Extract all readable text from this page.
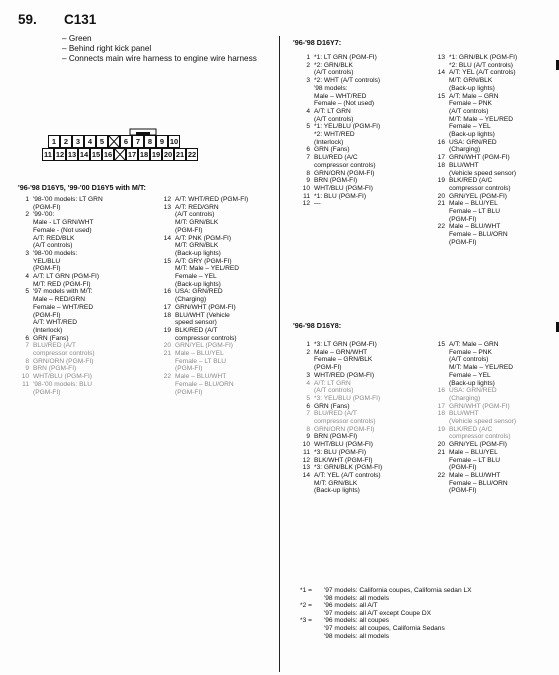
59. C131
– Green
– Behind right kick panel
– Connects main wire harness to engine wire harness
1	2	3	4	5	6	7	8	9 10
11 12 13 14 15 16 17 18 19 20 21 22
'96-'98 D16Y5, '99-'00 D16Y5 with M/T:
1 '98-'00 models: LT GRN
(PGM-FI)
2 '99-'00:
Male - LT GRN/WHT
Female - (Not used)
A/T: RED/BLK
(A/T controls)
3 '98-'00 models:
YEL/BLU
(PGM-FI)
4 A/T: LT GRN (PGM-FI)
M/T: RED (PGM-FI)
5 '97 models with M/T:
Male – RED/GRN
Female – WHT/RED
(PGM-FI)
A/T: WHT/RED
(Interlock)
6 GRN (Fans)
7 BLU/RED (A/T
compressor controls)
8 GRN/ORN (PGM-FI)
9 BRN (PGM-FI)
10 WHT/BLU (PGM-FI)
11 '98-'00 models: BLU
(PGM-FI)
12 A/T: WHT/RED (PGM-FI)
13 A/T: RED/GRN
(A/T controls)
M/T: GRN/BLK
(PGM-FI)
14 A/T: PNK (PGM-FI)
M/T: GRN/BLK
(Back-up lights)
15 A/T: GRY (PGM-FI)
M/T: Male – YEL/RED
Female – YEL
(Back-up lights)
16 USA: GRN/RED
(Charging)
17 GRN/WHT (PGM-FI)
18 BLU/WHT (Vehicle
speed sensor)
19 BLK/RED (A/T
compressor controls)
20 GRN/YEL (PGM-FI)
21 Male – BLU/YEL
Female – LT BLU
(PGM-FI)
22 Male – BLU/WHT
Female – BLU/ORN
(PGM-FI)
'96-'98 D16Y7:
1 *1: LT GRN (PGM-FI)
2 *2: GRN/BLK
(A/T controls)
3 *2: WHT (A/T controls)
'98 models:
Male – WHT/RED
Female – (Not used)
4 A/T: LT GRN
(A/T controls)
5 *1: YEL/BLU (PGM-FI)
*2: WHT/RED
(Interlock)
6 GRN (Fans)
7 BLU/RED (A/C
compressor controls)
8 GRN/ORN (PGM-FI)
9 BRN (PGM-FI)
10 WHT/BLU (PGM-FI)
11 *1: BLU (PGM-FI)
12 —
13 *1: GRN/BLK (PGM-FI)
*2: BLU (A/T controls)
14 A/T: YEL (A/T controls)
M/T: GRN/BLK
(Back-up lights)
15 A/T: Male – GRN
Female – PNK
(A/T controls)
M/T: Male – YEL/RED
Female – YEL
(Back-up lights)
16 USA: GRN/RED
(Charging)
17 GRN/WHT (PGM-FI)
18 BLU/WHT
(Vehicle speed sensor)
19 BLK/RED (A/C
compressor controls)
20 GRN/YEL (PGM-FI)
21 Male – BLU/YEL
Female – LT BLU
(PGM-FI)
22 Male – BLU/WHT
Female – BLU/ORN
(PGM-FI)
'96-'98 D16Y8:
1 *3: LT GRN (PGM-FI)
2 Male – GRN/WHT
Female – GRN/BLK
(PGM-FI)
3 WHT/RED (PGM-FI)
4 A/T: LT GRN
(A/T controls)
5 *3: YEL/BLU (PGM-FI)
6 GRN (Fans)
7 BLU/RED (A/T
compressor controls)
8 GRN/ORN (PGM-FI)
9 BRN (PGM-FI)
10 WHT/BLU (PGM-FI)
11 *3: BLU (PGM-FI)
12 BLK/WHT (PGM-FI)
13 *3: GRN/BLK (PGM-FI)
14 A/T: YEL (A/T controls)
M/T: GRN/BLK
(Back-up lights)
15 A/T: Male – GRN
Female – PNK
(A/T controls)
M/T: Male – YEL/RED
Female – YEL
(Back-up lights)
16 USA: GRN/RED
(Charging)
17 GRN/WHT (PGM-FI)
18 BLU/WHT
(Vehicle speed sensor)
19 BLK/RED (A/C
compressor controls)
20 GRN/YEL (PGM-FI)
21 Male – BLU/YEL
Female – LT BLU
(PGM-FI)
22 Male – BLU/WHT
Female – BLU/ORN
(PGM-FI)
*1 =	'97 models: California coupes, California sedan LX
'98 models: all models
*2 =	'96 models: all A/T
'97 models: all A/T except Coupe DX
*3 =	'96 models: all coupes
'97 models: all coupes, California Sedans
'98 models: all models
